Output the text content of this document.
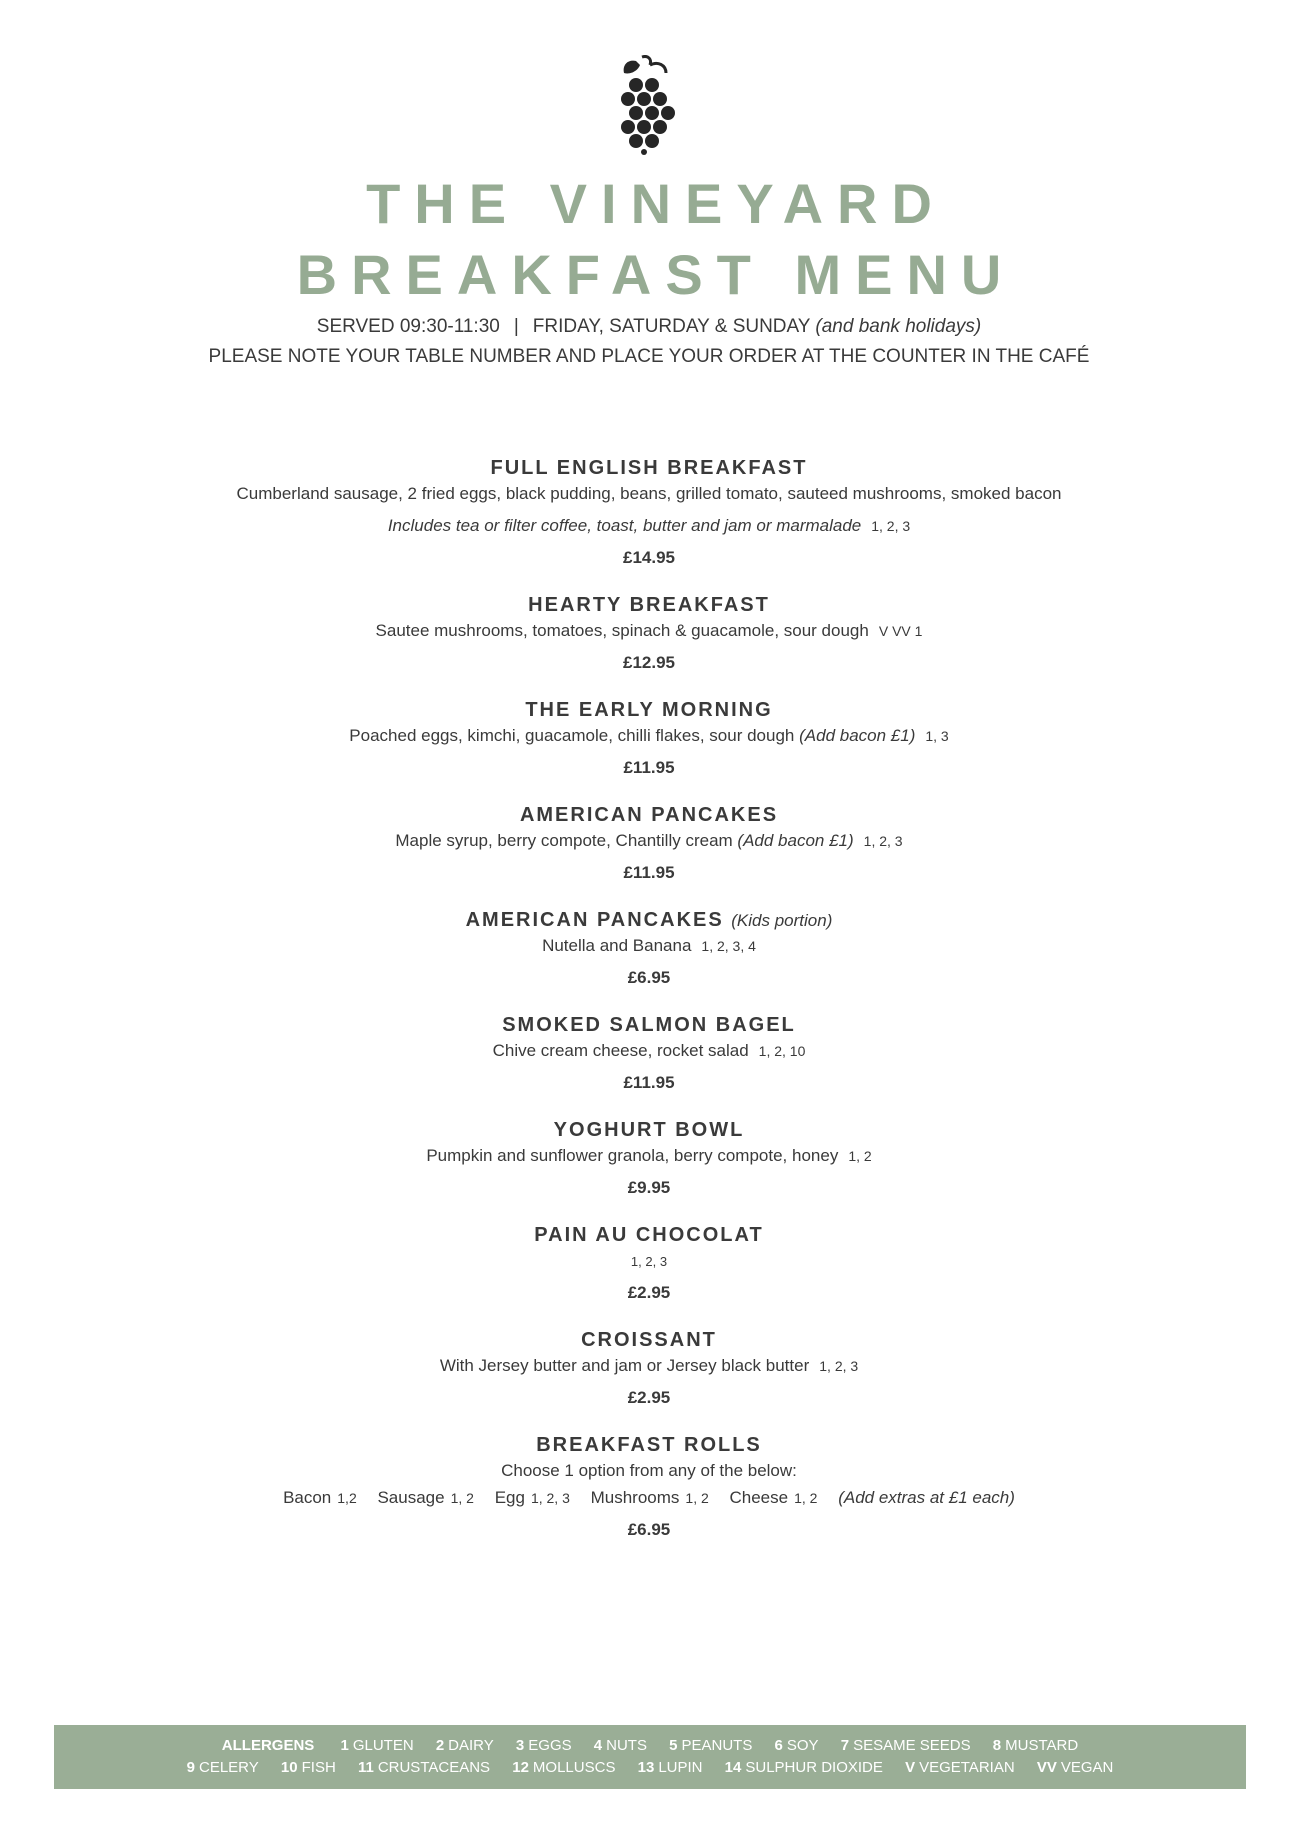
THE VINEYARD
BREAKFAST MENU
SERVED 09:30-11:30 | FRIDAY, SATURDAY & SUNDAY (and bank holidays)
PLEASE NOTE YOUR TABLE NUMBER AND PLACE YOUR ORDER AT THE COUNTER IN THE CAFÉ
FULL ENGLISH BREAKFAST
Cumberland sausage, 2 fried eggs, black pudding, beans, grilled tomato, sauteed mushrooms, smoked bacon
Includes tea or filter coffee, toast, butter and jam or marmalade 1, 2, 3
£14.95
HEARTY BREAKFAST
Sautee mushrooms, tomatoes, spinach & guacamole, sour dough V VV 1
£12.95
THE EARLY MORNING
Poached eggs, kimchi, guacamole, chilli flakes, sour dough (Add bacon £1) 1, 3
£11.95
AMERICAN PANCAKES
Maple syrup, berry compote, Chantilly cream (Add bacon £1) 1, 2, 3
£11.95
AMERICAN PANCAKES (Kids portion)
Nutella and Banana 1, 2, 3, 4
£6.95
SMOKED SALMON BAGEL
Chive cream cheese, rocket salad 1, 2, 10
£11.95
YOGHURT BOWL
Pumpkin and sunflower granola, berry compote, honey 1, 2
£9.95
PAIN AU CHOCOLAT
1, 2, 3
£2.95
CROISSANT
With Jersey butter and jam or Jersey black butter 1, 2, 3
£2.95
BREAKFAST ROLLS
Choose 1 option from any of the below:
Bacon 1,2 Sausage 1, 2 Egg 1, 2, 3 Mushrooms 1, 2 Cheese 1, 2 (Add extras at £1 each)
£6.95
ALLERGENS 1 GLUTEN 2 DAIRY 3 EGGS 4 NUTS 5 PEANUTS 6 SOY 7 SESAME SEEDS 8 MUSTARD
9 CELERY 10 FISH 11 CRUSTACEANS 12 MOLLUSCS 13 LUPIN 14 SULPHUR DIOXIDE V VEGETARIAN VV VEGAN
